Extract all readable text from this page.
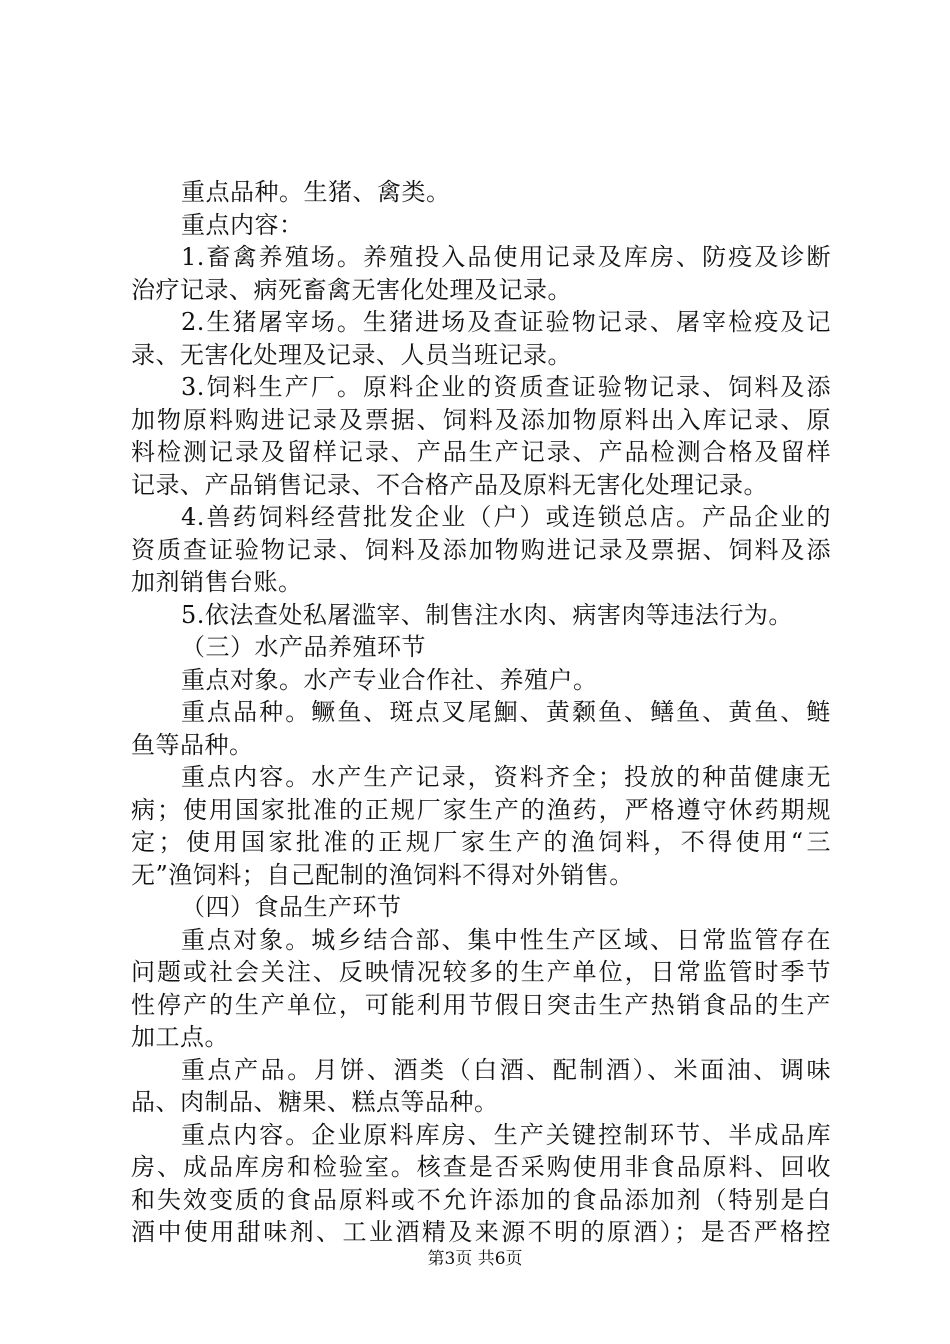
重点品种。生猪、禽类。
重点内容：
1.畜禽养殖场。养殖投入品使用记录及库房、防疫及诊断
治疗记录、病死畜禽无害化处理及记录。
2.生猪屠宰场。生猪进场及查证验物记录、屠宰检疫及记
录、无害化处理及记录、人员当班记录。
3.饲料生产厂。原料企业的资质查证验物记录、饲料及添
加物原料购进记录及票据、饲料及添加物原料出入库记录、原
料检测记录及留样记录、产品生产记录、产品检测合格及留样
记录、产品销售记录、不合格产品及原料无害化处理记录。
4.兽药饲料经营批发企业（户）或连锁总店。产品企业的
资质查证验物记录、饲料及添加物购进记录及票据、饲料及添
加剂销售台账。
5.依法查处私屠滥宰、制售注水肉、病害肉等违法行为。
（三）水产品养殖环节
重点对象。水产专业合作社、养殖户。
重点品种。鳜鱼、斑点叉尾鮰、黄颡鱼、鳝鱼、黄鱼、鲢
鱼等品种。
重点内容。水产生产记录，资料齐全；投放的种苗健康无
病；使用国家批准的正规厂家生产的渔药，严格遵守休药期规
定；使用国家批准的正规厂家生产的渔饲料，不得使用“三
无”渔饲料；自己配制的渔饲料不得对外销售。
（四）食品生产环节
重点对象。城乡结合部、集中性生产区域、日常监管存在
问题或社会关注、反映情况较多的生产单位，日常监管时季节
性停产的生产单位，可能利用节假日突击生产热销食品的生产
加工点。
重点产品。月饼、酒类（白酒、配制酒）、米面油、调味
品、肉制品、糖果、糕点等品种。
重点内容。企业原料库房、生产关键控制环节、半成品库
房、成品库房和检验室。核查是否采购使用非食品原料、回收
和失效变质的食品原料或不允许添加的食品添加剂（特别是白
酒中使用甜味剂、工业酒精及来源不明的原酒）；是否严格控
第3页 共6页
